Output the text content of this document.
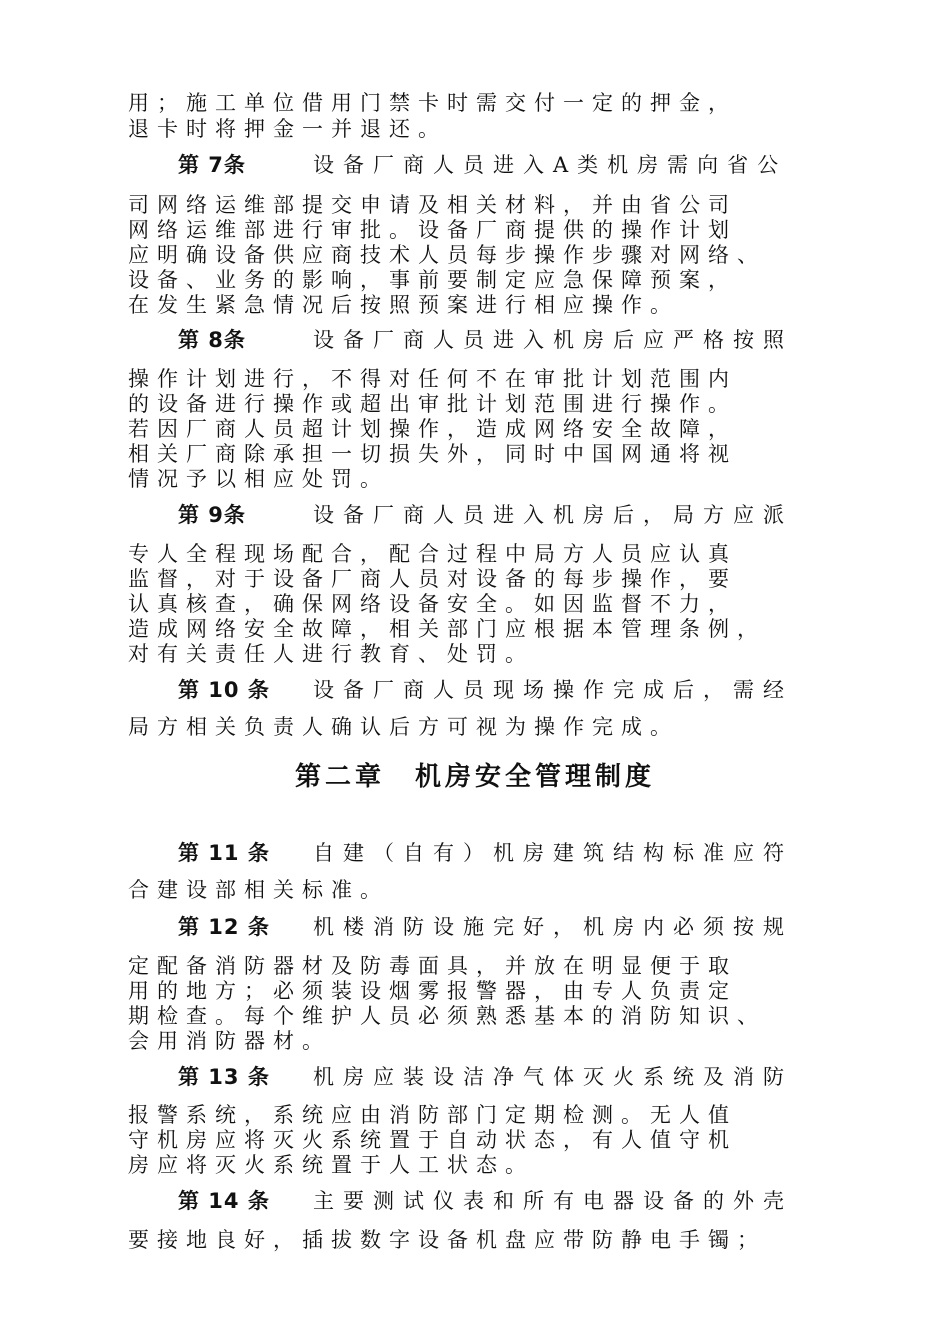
用；施工单位借用门禁卡时需交付一定的押金，
退卡时将押金一并退还。
第 7条	设备厂商人员进入A类机房需向省公
司网络运维部提交申请及相关材料，并由省公司
网络运维部进行审批。设备厂商提供的操作计划
应明确设备供应商技术人员每步操作步骤对网络、
设备、业务的影响，事前要制定应急保障预案，
在发生紧急情况后按照预案进行相应操作。
第 8条	设备厂商人员进入机房后应严格按照
操作计划进行，不得对任何不在审批计划范围内
的设备进行操作或超出审批计划范围进行操作。
若因厂商人员超计划操作，造成网络安全故障，
相关厂商除承担一切损失外，同时中国网通将视
情况予以相应处罚。
第 9条	设备厂商人员进入机房后，局方应派
专人全程现场配合，配合过程中局方人员应认真
监督，对于设备厂商人员对设备的每步操作，要
认真核查，确保网络设备安全。如因监督不力，
造成网络安全故障，相关部门应根据本管理条例，
对有关责任人进行教育、处罚。
第 10 条 设备厂商人员现场操作完成后，需经
局方相关负责人确认后方可视为操作完成。
第二章 机房安全管理制度
第 11 条 自建（自有）机房建筑结构标准应符
合建设部相关标准。
第 12 条 机楼消防设施完好，机房内必须按规
定配备消防器材及防毒面具，并放在明显便于取
用的地方；必须装设烟雾报警器，由专人负责定
期检查。每个维护人员必须熟悉基本的消防知识、
会用消防器材。
第 13 条 机房应装设洁净气体灭火系统及消防
报警系统，系统应由消防部门定期检测。无人值
守机房应将灭火系统置于自动状态，有人值守机
房应将灭火系统置于人工状态。
第 14 条 主要测试仪表和所有电器设备的外壳
要接地良好，插拔数字设备机盘应带防静电手镯；
